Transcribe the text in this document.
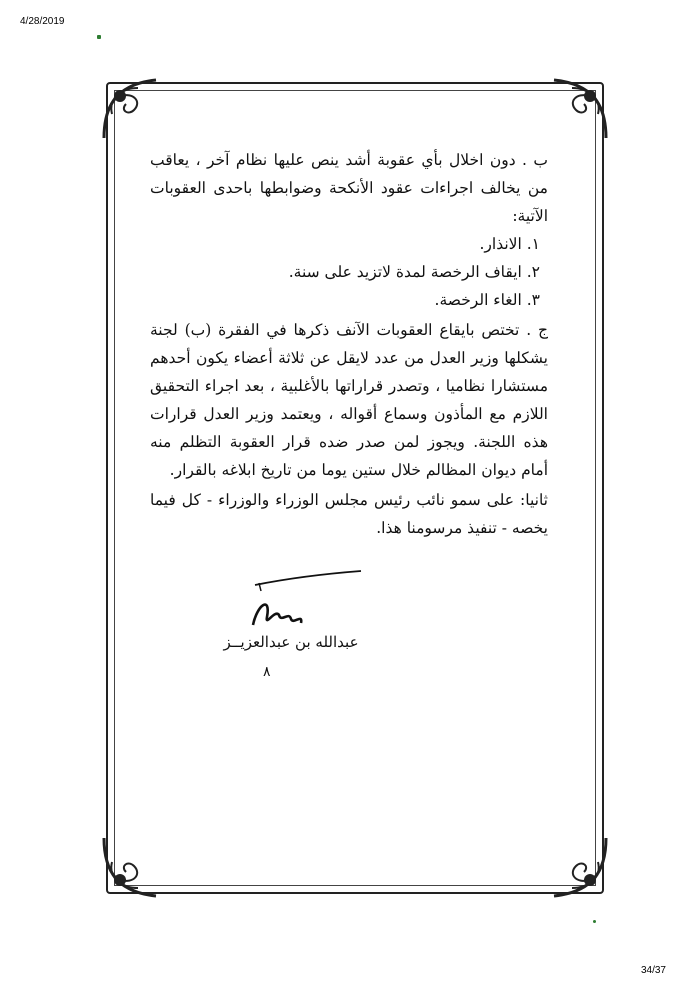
4/28/2019

ب . دون اخلال بأي عقوبة أشد ينص عليها نظام آخر ، يعاقب من يخالف اجراءات عقود الأنكحة وضوابطها باحدى العقوبات الآتية:

١. الانذار.

٢. ايقاف الرخصة لمدة لاتزيد على سنة.

٣. الغاء الرخصة.

ج . تختص بايقاع العقوبات الآنف ذكرها في الفقرة (ب) لجنة يشكلها وزير العدل من عدد لايقل عن ثلاثة أعضاء يكون أحدهم مستشارا نظاميا ، وتصدر قراراتها بالأغلبية ، بعد اجراء التحقيق اللازم مع المأذون وسماع أقواله ، ويعتمد وزير العدل قرارات هذه اللجنة. ويجوز لمن صدر ضده قرار العقوبة التظلم منه أمام ديوان المظالم خلال ستين يوما من تاريخ ابلاغه بالقرار.

ثانيا: على سمو نائب رئيس مجلس الوزراء والوزراء - كل فيما يخصه - تنفيذ مرسومنا هذا.

عبدالله بن عبدالعزيــز
٨
34/37
